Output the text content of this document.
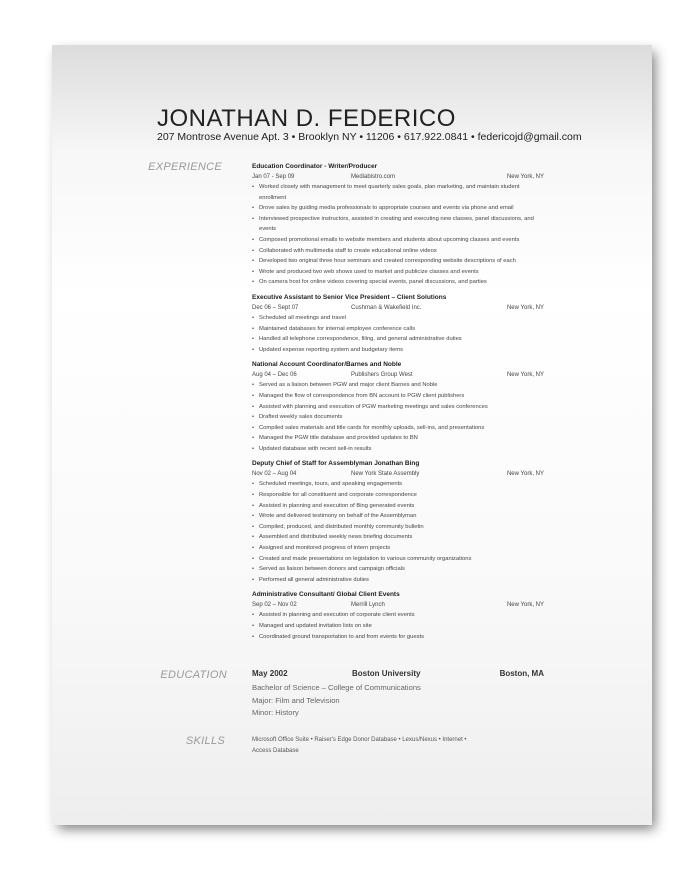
JONATHAN D. FEDERICO
207 Montrose Avenue Apt. 3 • Brooklyn NY • 11206 • 617.922.0841 • federicojd@gmail.com
EXPERIENCE
EDUCATION
SKILLS
Education Coordinator - Writer/Producer
Jan 07 - Sep 09	Mediabistro.com	New York, NY
• Worked closely with management to meet quarterly sales goals, plan marketing, and maintain student enrollment
• Drove sales by guiding media professionals to appropriate courses and events via phone and email
• Interviewed prospective instructors, assisted in creating and executing new classes, panel discussions, and events
• Composed promotional emails to website members and students about upcoming classes and events
• Collaborated with multimedia staff to create educational online videos
• Developed two original three hour seminars and created corresponding website descriptions of each
• Wrote and produced two web shows used to market and publicize classes and events
• On camera host for online videos covering special events, panel discussions, and parties
Executive Assistant to Senior Vice President – Client Solutions
Dec 06 – Sept 07	Cushman & Wakefield Inc.	New York, NY
• Scheduled all meetings and travel
• Maintained databases for internal employee conference calls
• Handled all telephone correspondence, filing, and general administrative duties
• Updated expense reporting system and budgetary items
National Account Coordinator/Barnes and Noble
Aug 04 – Dec 06	Publishers Group West	New York, NY
• Served as a liaison between PGW and major client Barnes and Noble
• Managed the flow of correspondence from BN account to PGW client publishers
• Assisted with planning and execution of PGW marketing meetings and sales conferences
• Drafted weekly sales documents
• Compiled sales materials and title cards for monthly uploads, sell-ins, and presentations
• Managed the PGW title database and provided updates to BN
• Updated database with recent sell-in results
Deputy Chief of Staff for Assemblyman Jonathan Bing
Nov 02 – Aug 04	New York State Assembly	New York, NY
• Scheduled meetings, tours, and speaking engagements
• Responsible for all constituent and corporate correspondence
• Assisted in planning and execution of Bing generated events
• Wrote and delivered testimony on behalf of the Assemblyman
• Compiled, produced, and distributed monthly community bulletin
• Assembled and distributed weekly news briefing documents
• Assigned and monitored progress of intern projects
• Created and made presentations on legislation to various community organizations
• Served as liaison between donors and campaign officials
• Performed all general administrative duties
Administrative Consultant/ Global Client Events
Sep 02 – Nov 02	Merrill Lynch	New York, NY
• Assisted in planning and execution of corporate client events
• Managed and updated invitation lists on site
• Coordinated ground transportation to and from events for guests
May 2002	Boston University	Boston, MA
Bachelor of Science – College of Communications
Major: Film and Television
Minor: History
Microsoft Office Suite • Raiser's Edge Donor Database • Lexus/Nexus • Internet •
Access Database
